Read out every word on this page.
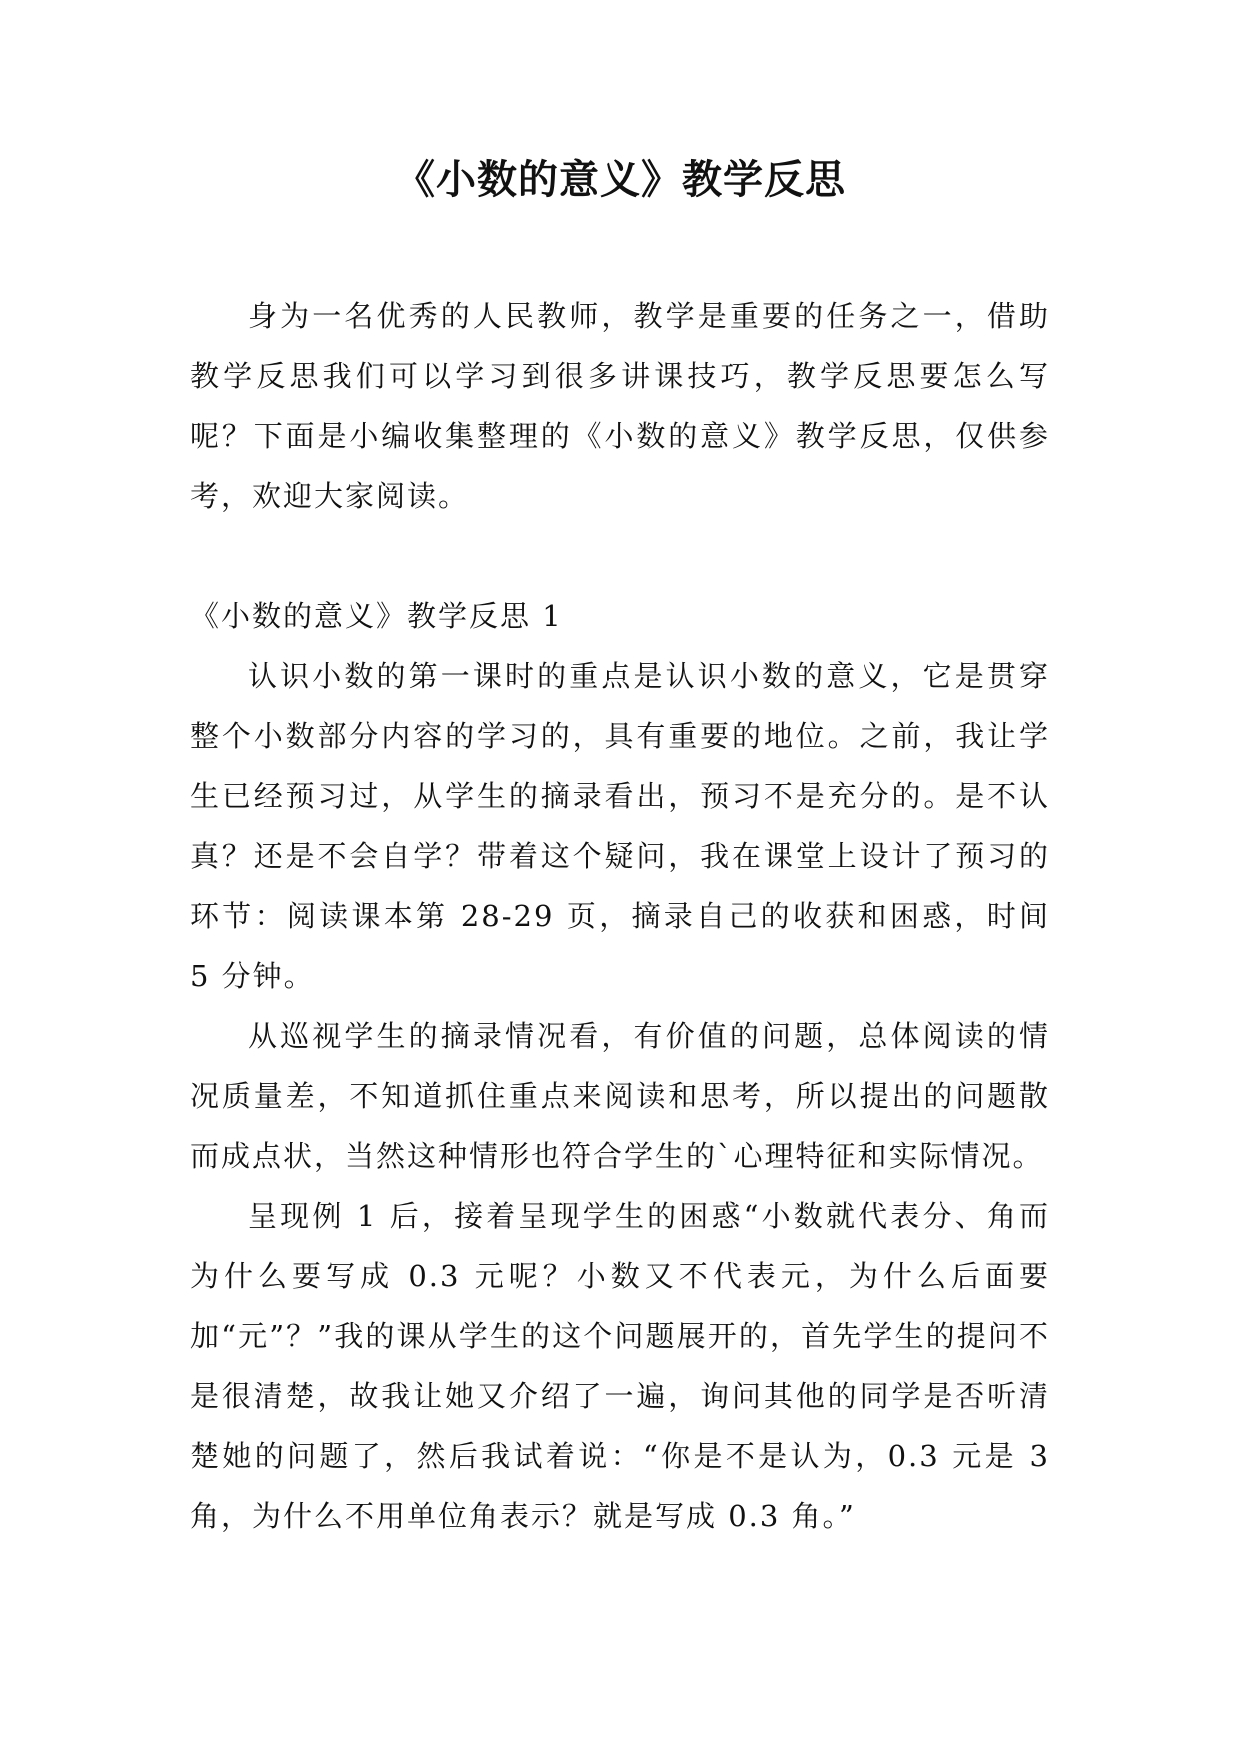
《小数的意义》教学反思

身为一名优秀的人民教师，教学是重要的任务之一，借助教学反思我们可以学习到很多讲课技巧，教学反思要怎么写呢？下面是小编收集整理的《小数的意义》教学反思，仅供参考，欢迎大家阅读。

《小数的意义》教学反思 1

认识小数的第一课时的重点是认识小数的意义，它是贯穿整个小数部分内容的学习的，具有重要的地位。之前，我让学生已经预习过，从学生的摘录看出，预习不是充分的。是不认真？还是不会自学？带着这个疑问，我在课堂上设计了预习的环节：阅读课本第 28-29 页，摘录自己的收获和困惑，时间 5 分钟。

从巡视学生的摘录情况看，有价值的问题，总体阅读的情况质量差，不知道抓住重点来阅读和思考，所以提出的问题散而成点状，当然这种情形也符合学生的`心理特征和实际情况。

呈现例 1 后，接着呈现学生的困惑“小数就代表分、角而为什么要写成 0.3 元呢？小数又不代表元，为什么后面要加“元”？”我的课从学生的这个问题展开的，首先学生的提问不是很清楚，故我让她又介绍了一遍，询问其他的同学是否听清楚她的问题了，然后我试着说：“你是不是认为，0.3 元是 3 角，为什么不用单位角表示？就是写成 0.3 角。”
